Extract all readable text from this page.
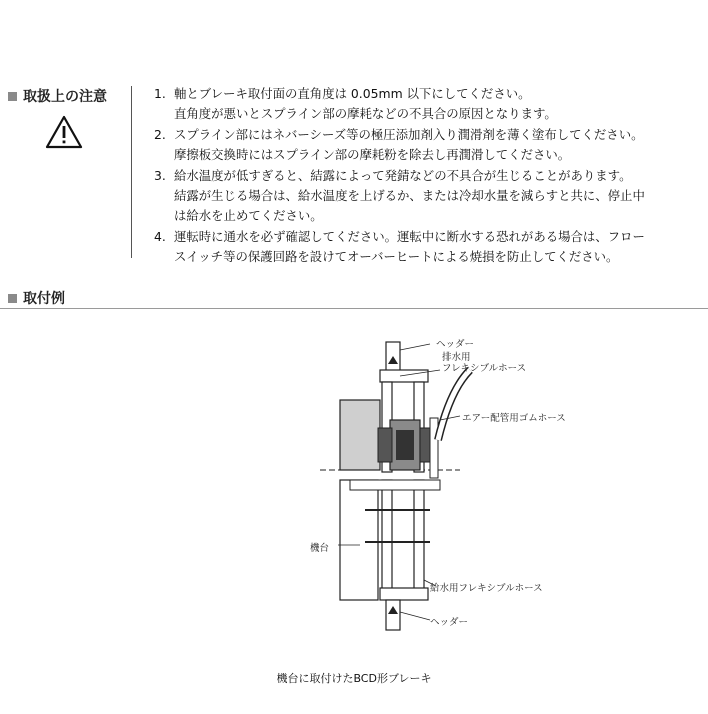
取扱上の注意	1. 軸とブレーキ取付面の直角度は 0.05mm 以下にしてください。
直角度が悪いとスプライン部の摩耗などの不具合の原因となります。
2. スプライン部にはネバーシーズ等の極圧添加剤入り潤滑剤を薄く塗布してください。
摩擦板交換時にはスプライン部の摩耗粉を除去し再潤滑してください。
3. 給水温度が低すぎると、結露によって発錆などの不具合が生じることがあります。
結露が生じる場合は、給水温度を上げるか、または冷却水量を減らすと共に、停止中
は給水を止めてください。
4. 運転時に通水を必ず確認してください。運転中に断水する恐れがある場合は、フロー
スイッチ等の保護回路を設けてオーバーヒートによる焼損を防止してください。
取付例
ヘッダー
排水用
フレキシブルホース
エアー配管用ゴムホース
機台
給水用フレキシブルホース
ヘッダー
機台に取付けたBCD形ブレーキ
